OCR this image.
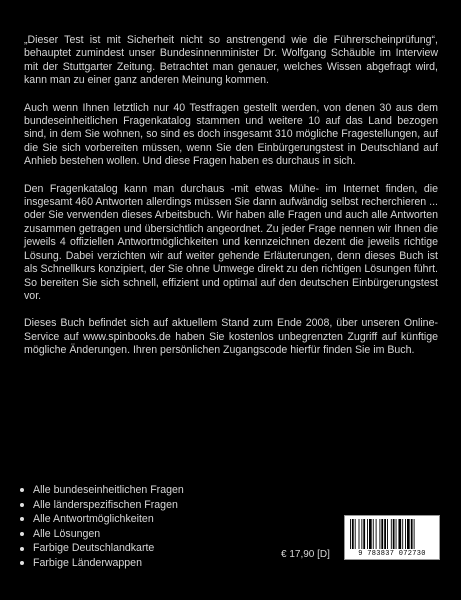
„Dieser Test ist mit Sicherheit nicht so anstrengend wie die Führerscheinprüfung“, behauptet zumindest unser Bundesinnenminister Dr. Wolfgang Schäuble im Interview mit der Stuttgarter Zeitung. Betrachtet man genauer, welches Wissen abgefragt wird, kann man zu einer ganz anderen Meinung kommen.

Auch wenn Ihnen letztlich nur 40 Testfragen gestellt werden, von denen 30 aus dem bundeseinheitlichen Fragenkatalog stammen und weitere 10 auf das Land bezogen sind, in dem Sie wohnen, so sind es doch insgesamt 310 mögliche Fragestellungen, auf die Sie sich vorbereiten müssen, wenn Sie den Einbürgerungstest in Deutschland auf Anhieb bestehen wollen. Und diese Fragen haben es durchaus in sich.

Den Fragenkatalog kann man durchaus -mit etwas Mühe- im Internet finden, die insgesamt 460 Antworten allerdings müssen Sie dann aufwändig selbst recherchieren ... oder Sie verwenden dieses Arbeitsbuch. Wir haben alle Fragen und auch alle Antworten zusammen getragen und übersichtlich angeordnet. Zu jeder Frage nennen wir Ihnen die jeweils 4 offiziellen Antwortmöglichkeiten und kennzeichnen dezent die jeweils richtige Lösung. Dabei verzichten wir auf weiter gehende Erläuterungen, denn dieses Buch ist als Schnellkurs konzipiert, der Sie ohne Umwege direkt zu den richtigen Lösungen führt. So bereiten Sie sich schnell, effizient und optimal auf den deutschen Einbürgerungstest vor.

Dieses Buch befindet sich auf aktuellem Stand zum Ende 2008, über unseren Online-Service auf www.spinbooks.de haben Sie kostenlos unbegrenzten Zugriff auf künftige mögliche Änderungen. Ihren persönlichen Zugangscode hierfür finden Sie im Buch.

Alle bundeseinheitlichen Fragen
Alle länderspezifischen Fragen
Alle Antwortmöglichkeiten
Alle Lösungen
Farbige Deutschlandkarte
Farbige Länderwappen
€ 17,90 [D]	9 783837 072730
